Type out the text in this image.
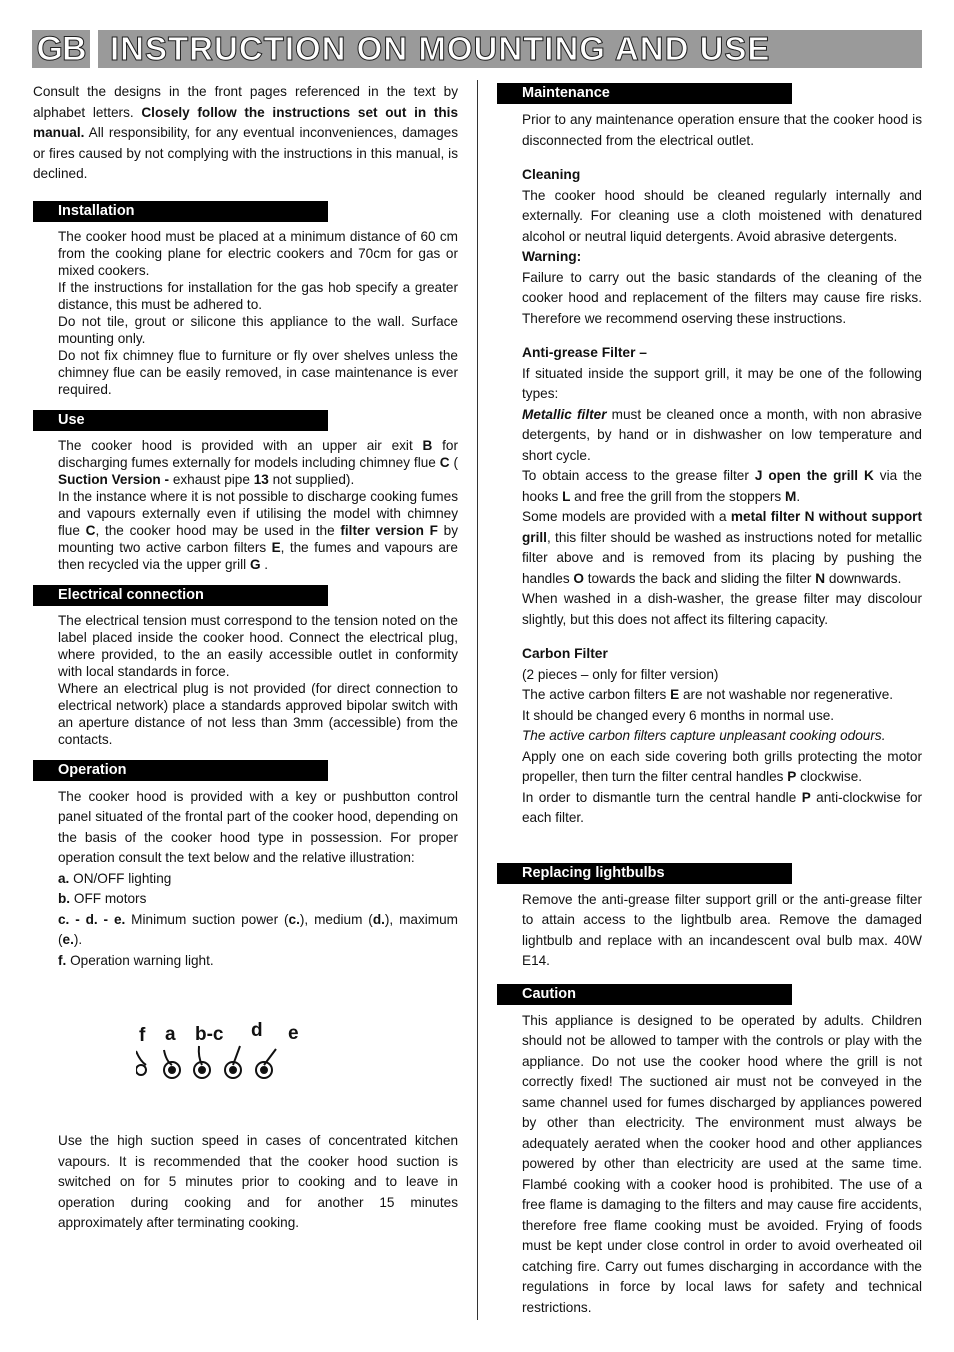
GB INSTRUCTION ON MOUNTING AND USE
Consult the designs in the front pages referenced in the text by alphabet letters. Closely follow the instructions set out in this manual. All responsibility, for any eventual inconveniences, damages or fires caused by not complying with the instructions in this manual, is declined.
Installation

The cooker hood must be placed at a minimum distance of 60 cm from the cooking plane for electric cookers and 70cm for gas or mixed cookers.

If the instructions for installation for the gas hob specify a greater distance, this must be adhered to.

Do not tile, grout or silicone this appliance to the wall. Surface mounting only.

Do not fix chimney flue to furniture or fly over shelves unless the chimney flue can be easily removed, in case maintenance is ever required.

Use

The cooker hood is provided with an upper air exit B for discharging fumes externally for models including chimney flue C ( Suction Version - exhaust pipe 13 not supplied).

In the instance where it is not possible to discharge cooking fumes and vapours externally even if utilising the model with chimney flue C, the cooker hood may be used in the filter version F by mounting two active carbon filters E, the fumes and vapours are then recycled via the upper grill G .

Electrical connection

The electrical tension must correspond to the tension noted on the label placed inside the cooker hood. Connect the electrical plug, where provided, to the an easily accessible outlet in conformity with local standards in force.

Where an electrical plug is not provided (for direct connection to electrical network) place a standards approved bipolar switch with an aperture distance of not less than 3mm (accessible) from the contacts.

Operation

The cooker hood is provided with a key or pushbutton control panel situated of the frontal part of the cooker hood, depending on the basis of the cooker hood type in possession. For proper operation consult the text below and the relative illustration:

a. ON/OFF lighting

b. OFF motors

c. - d. - e. Minimum suction power (c.), medium (d.), maximum (e.).

f. Operation warning light.

f a b-c d e

Use the high suction speed in cases of concentrated kitchen vapours. It is recommended that the cooker hood suction is switched on for 5 minutes prior to cooking and to leave in operation during cooking and for another 15 minutes approximately after terminating cooking.

Maintenance

Prior to any maintenance operation ensure that the cooker hood is disconnected from the electrical outlet.

Cleaning

The cooker hood should be cleaned regularly internally and externally. For cleaning use a cloth moistened with denatured alcohol or neutral liquid detergents. Avoid abrasive detergents.

Warning:

Failure to carry out the basic standards of the cleaning of the cooker hood and replacement of the filters may cause fire risks. Therefore we recommend oserving these instructions.

Anti-grease Filter –

If situated inside the support grill, it may be one of the following types:

Metallic filter must be cleaned once a month, with non abrasive detergents, by hand or in dishwasher on low temperature and short cycle.

To obtain access to the grease filter J open the grill K via the hooks L and free the grill from the stoppers M.

Some models are provided with a metal filter N without support grill, this filter should be washed as instructions noted for metallic filter above and is removed from its placing by pushing the handles O towards the back and sliding the filter N downwards.

When washed in a dish-washer, the grease filter may discolour slightly, but this does not affect its filtering capacity.

Carbon Filter

(2 pieces – only for filter version)

The active carbon filters E are not washable nor regenerative.

It should be changed every 6 months in normal use.

The active carbon filters capture unpleasant cooking odours.

Apply one on each side covering both grills protecting the motor propeller, then turn the filter central handles P clockwise.

In order to dismantle turn the central handle P anti-clockwise for each filter.

Replacing lightbulbs

Remove the anti-grease filter support grill or the anti-grease filter to attain access to the lightbulb area. Remove the damaged lightbulb and replace with an incandescent oval bulb max. 40W E14.

Caution

This appliance is designed to be operated by adults. Children should not be allowed to tamper with the controls or play with the appliance. Do not use the cooker hood where the grill is not correctly fixed! The suctioned air must not be conveyed in the same channel used for fumes discharged by appliances powered by other than electricity. The environment must always be adequately aerated when the cooker hood and other appliances powered by other than electricity are used at the same time. Flambé cooking with a cooker hood is prohibited. The use of a free flame is damaging to the filters and may cause fire accidents, therefore free flame cooking must be avoided. Frying of foods must be kept under close control in order to avoid overheated oil catching fire. Carry out fumes discharging in accordance with the regulations in force by local laws for safety and technical restrictions.
